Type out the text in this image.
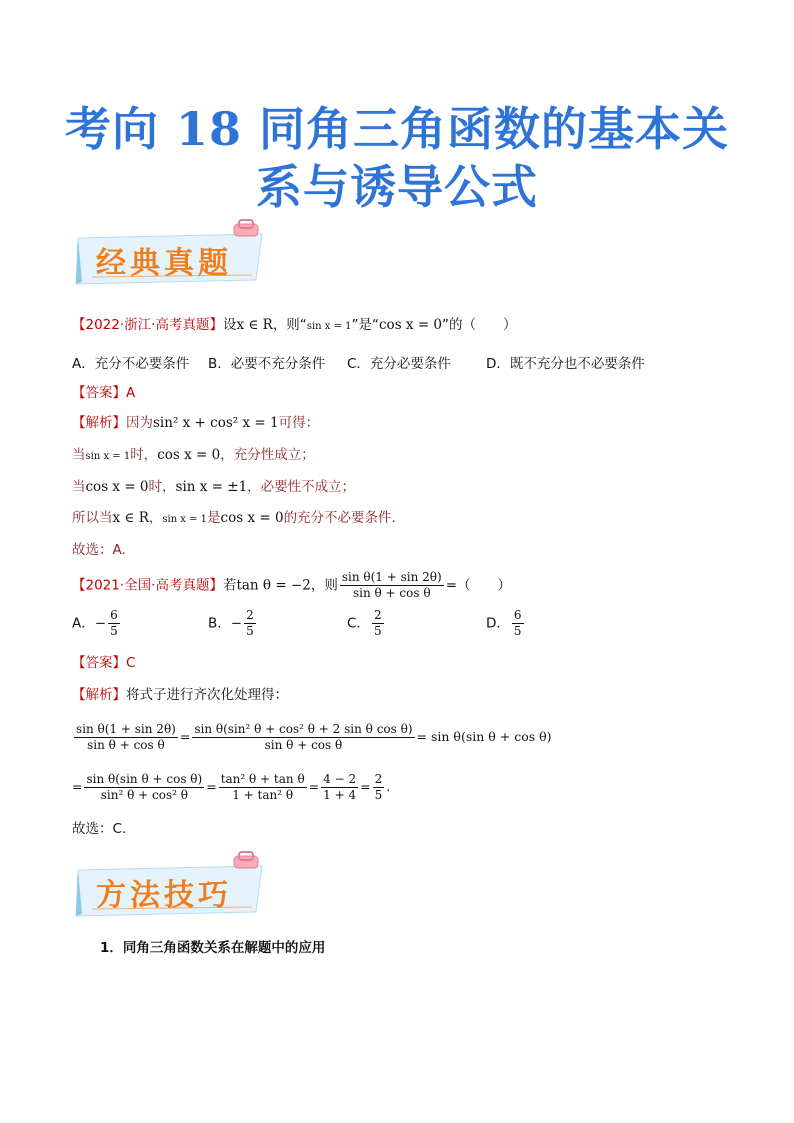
考向 18 同角三角函数的基本关
系与诱导公式
经典真题
【2022·浙江·高考真题】设x ∈ R，则“sin x = 1”是“cos x = 0”的（　　）
A．充分不必要条件 B．必要不充分条件 C．充分必要条件	D．既不充分也不必要条件
【答案】A
【解析】因为sin² x + cos² x = 1可得：
当sin x = 1时，cos x = 0，充分性成立；
当cos x = 0时，sin x = ±1，必要性不成立；
所以当x ∈ R，sin x = 1是cos x = 0的充分不必要条件.
故选：A.
【2021·全国·高考真题】若tan θ = −2，则 $\frac{\text{sin θ(1 + sin 2θ)}}{\text{sin θ + cos θ}}$ =（　　）
A．− $\frac{6}{5}$	B．− $\frac{2}{5}$	C． $\frac{2}{5}$	D． $\frac{6}{5}$
【答案】C
【解析】将式子进行齐次化处理得：
$\frac{\text{sin θ(1 + sin 2θ)}}{\text{sin θ + cos θ}} = \frac{\text{sin θ(sin² θ + cos² θ + 2 sin θ cos θ)}}{\text{sin θ + cos θ}} = \sin \theta(\sin$ θ + cos θ)
= $\frac{\text{sin θ(sin θ + cos θ)}}{\text{sin² θ + cos² θ}} = \frac{\text{tan² θ + tan θ}}{\text{1 + tan² θ}} = \frac{4 - 2}{1 + 4} = \frac{2}{5}$ .
故选：C.
方法技巧
1．同角三角函数关系在解题中的应用
